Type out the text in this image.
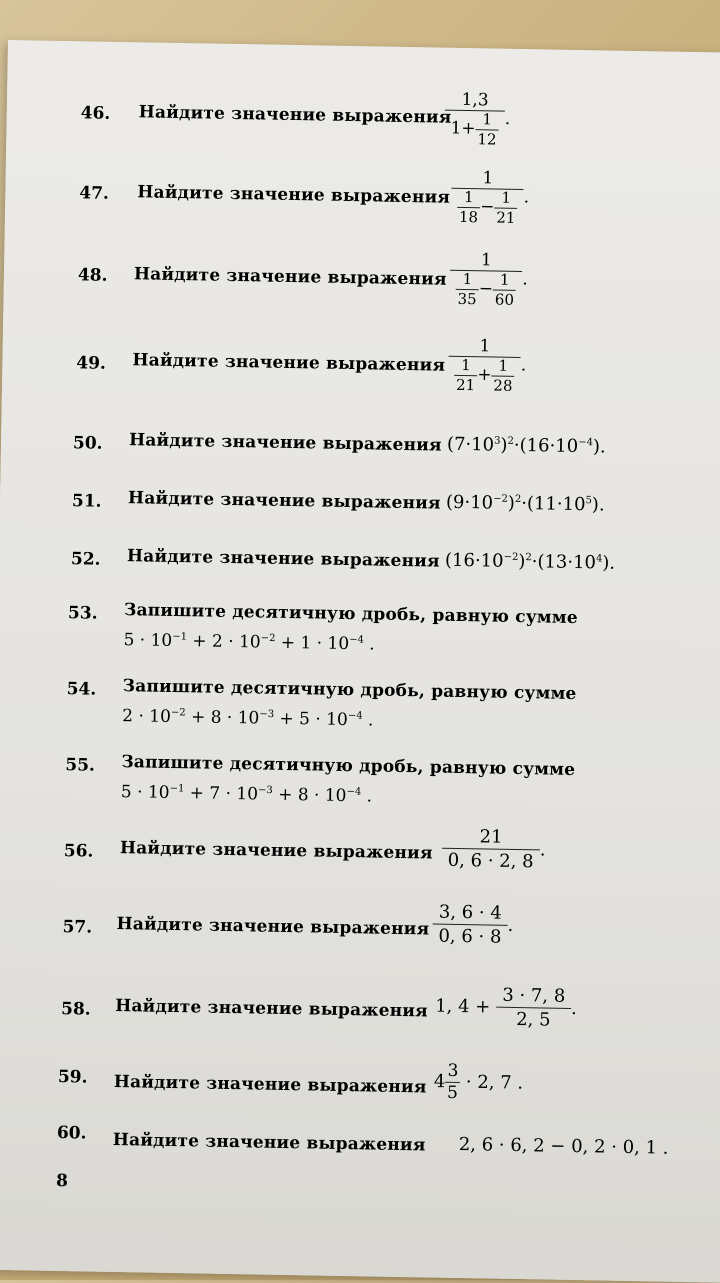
46. Найдите значение выражения
$\frac{1,3}{1+ \frac{1}{12}}$ .
47. Найдите значение выражения $\frac{1}{\frac{1}{18} - \frac{1}{21}}$ .
48. Найдите значение выражения $\frac{1}{\frac{1}{35} - \frac{1}{60}}$ .
49. Найдите значение выражения $\frac{1}{\frac{1}{21} + \frac{1}{28}}$ .
50. Найдите значение выражения $(7\cdot 10^3)^2\cdot(16\cdot 10^{-4})$.
51. Найдите значение выражения $(9\cdot 10^{-2})^2\cdot(11\cdot 10^5)$.
52. Найдите значение выражения $(16\cdot 10^{-2})^2\cdot(13\cdot 10^4)$.
53. Запишите десятичную дробь, равную сумме
$5 \cdot 10^{-1} + 2 \cdot 10^{-2} + 1 \cdot 10^{-4}$ .
54. Запишите десятичную дробь, равную сумме
$2 \cdot 10^{-2} + 8 \cdot 10^{-3} + 5 \cdot 10^{-4}$ .
55. Запишите десятичную дробь, равную сумме
$5 \cdot 10^{-1} + 7 \cdot 10^{-3} + 8 \cdot 10^{-4}$ .
56. Найдите значение выражения $\frac{21}{0, 6 \cdot 2, 8}$ .
57. Найдите значение выражения $\frac{3, 6 \cdot 4}{0, 6 \cdot 8}$ .
58. Найдите значение выражения 1, $4 + \frac{3 \cdot 7, 8}{2, 5}$ .
59. Найдите значение выражения $4 \frac{3}{5} \cdot 2$, 7 .
60. Найдите значение выражения 2, 6 · 6, 2 − 0, 2 · 0, 1 .
8
